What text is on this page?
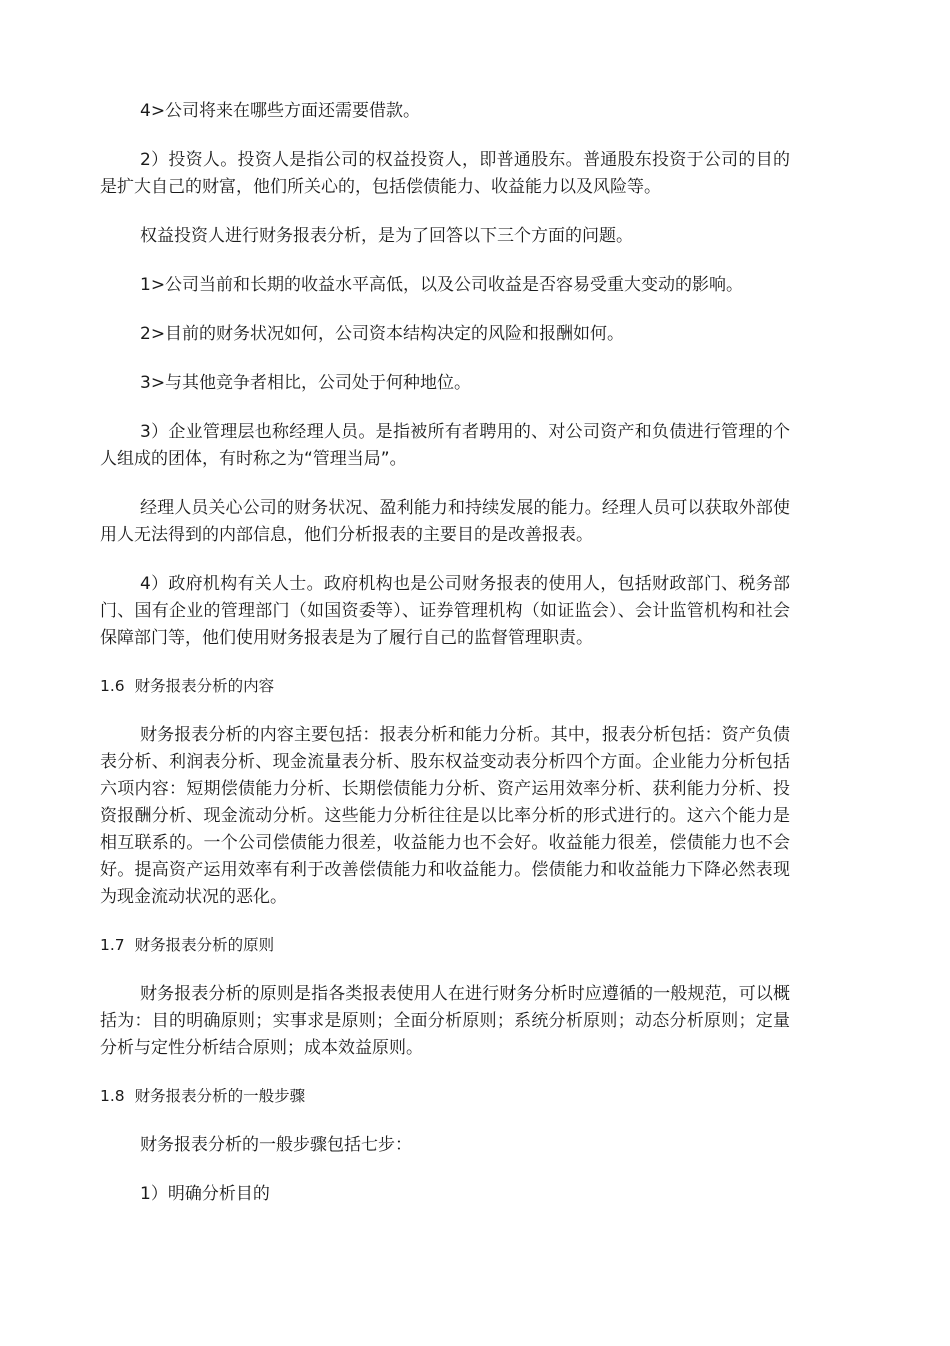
4>公司将来在哪些方面还需要借款。

2）投资人。投资人是指公司的权益投资人，即普通股东。普通股东投资于公司的目的是扩大自己的财富，他们所关心的，包括偿债能力、收益能力以及风险等。

权益投资人进行财务报表分析，是为了回答以下三个方面的问题。

1>公司当前和长期的收益水平高低，以及公司收益是否容易受重大变动的影响。

2>目前的财务状况如何，公司资本结构决定的风险和报酬如何。

3>与其他竞争者相比，公司处于何种地位。

3）企业管理层也称经理人员。是指被所有者聘用的、对公司资产和负债进行管理的个人组成的团体，有时称之为“管理当局”。

经理人员关心公司的财务状况、盈利能力和持续发展的能力。经理人员可以获取外部使用人无法得到的内部信息，他们分析报表的主要目的是改善报表。

4）政府机构有关人士。政府机构也是公司财务报表的使用人，包括财政部门、税务部门、国有企业的管理部门（如国资委等）、证券管理机构（如证监会）、会计监管机构和社会保障部门等，他们使用财务报表是为了履行自己的监督管理职责。

1.6 财务报表分析的内容

财务报表分析的内容主要包括：报表分析和能力分析。其中，报表分析包括：资产负债表分析、利润表分析、现金流量表分析、股东权益变动表分析四个方面。企业能力分析包括六项内容：短期偿债能力分析、长期偿债能力分析、资产运用效率分析、获利能力分析、投资报酬分析、现金流动分析。这些能力分析往往是以比率分析的形式进行的。这六个能力是相互联系的。一个公司偿债能力很差，收益能力也不会好。收益能力很差，偿债能力也不会好。提高资产运用效率有利于改善偿债能力和收益能力。偿债能力和收益能力下降必然表现为现金流动状况的恶化。

1.7 财务报表分析的原则

财务报表分析的原则是指各类报表使用人在进行财务分析时应遵循的一般规范，可以概括为：目的明确原则；实事求是原则；全面分析原则；系统分析原则；动态分析原则；定量分析与定性分析结合原则；成本效益原则。

1.8 财务报表分析的一般步骤

财务报表分析的一般步骤包括七步：

1）明确分析目的
